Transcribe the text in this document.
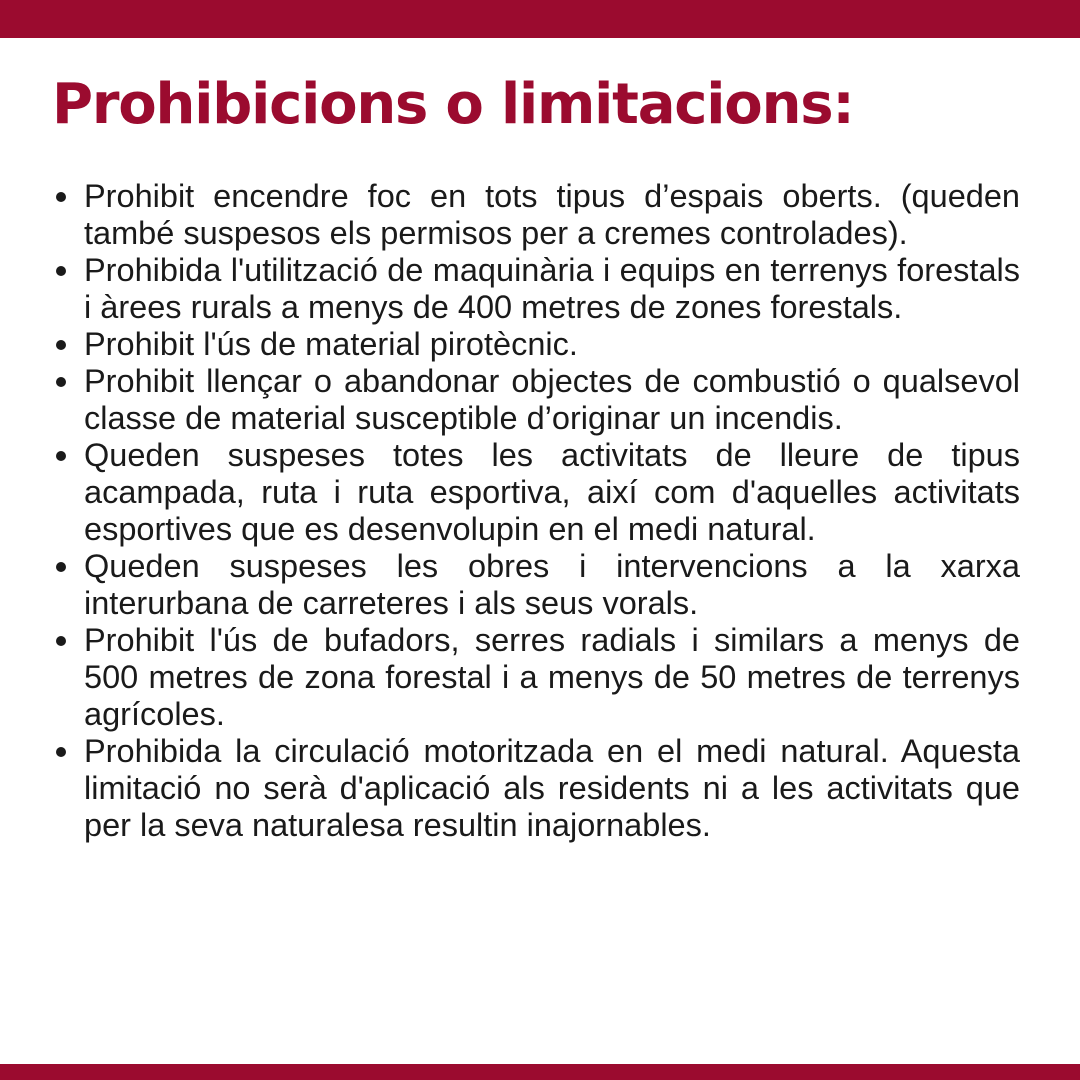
Prohibicions o limitacions:
Prohibit encendre foc en tots tipus d’espais oberts. (queden també suspesos els permisos per a cremes controlades).
Prohibida l'utilització de maquinària i equips en terrenys forestals i àrees rurals a menys de 400 metres de zones forestals.
Prohibit l'ús de material pirotècnic.
Prohibit llençar o abandonar objectes de combustió o qualsevol classe de material susceptible d’originar un incendis.
Queden suspeses totes les activitats de lleure de tipus acampada, ruta i ruta esportiva, així com d'aquelles activitats esportives que es desenvolupin en el medi natural.
Queden suspeses les obres i intervencions a la xarxa interurbana de carreteres i als seus vorals.
Prohibit l'ús de bufadors, serres radials i similars a menys de 500 metres de zona forestal i a menys de 50 metres de terrenys agrícoles.
Prohibida la circulació motoritzada en el medi natural. Aquesta limitació no serà d'aplicació als residents ni a les activitats que per la seva naturalesa resultin inajornables.
